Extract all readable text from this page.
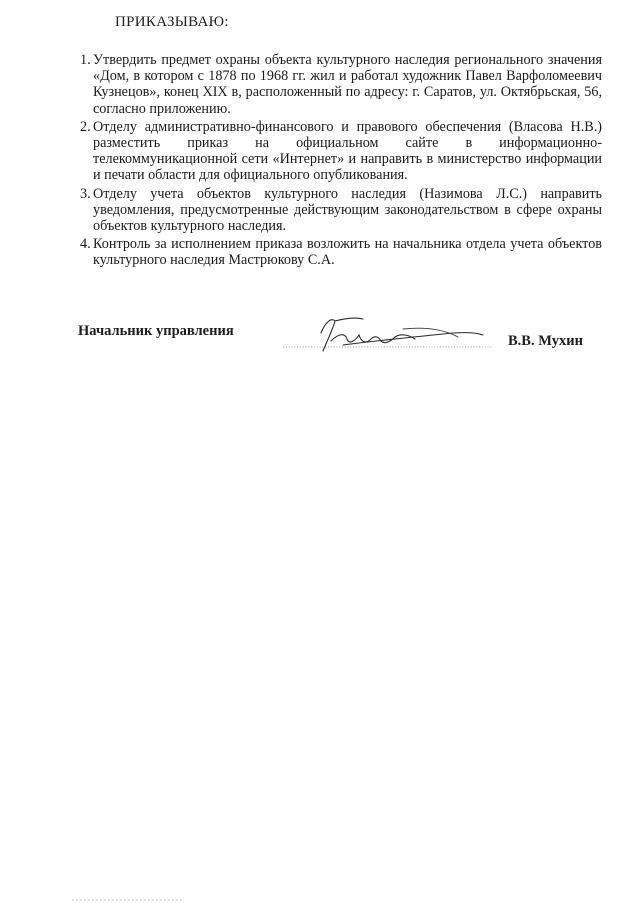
ПРИКАЗЫВАЮ:
1. Утвердить предмет охраны объекта культурного наследия регионального значения «Дом, в котором с 1878 по 1968 гг. жил и работал художник Павел Варфоломеевич Кузнецов», конец XIX в, расположенный по адресу: г. Саратов, ул. Октябрьская, 56, согласно приложению.
2. Отделу административно-финансового и правового обеспечения (Власова Н.В.) разместить приказ на официальном сайте в информационно-телекоммуникационной сети «Интернет» и направить в министерство информации и печати области для официального опубликования.
3. Отделу учета объектов культурного наследия (Назимова Л.С.) направить уведомления, предусмотренные действующим законодательством в сфере охраны объектов культурного наследия.
4. Контроль за исполнением приказа возложить на начальника отдела учета объектов культурного наследия Мастрюкову С.А.
Начальник управления
В.В. Мухин
